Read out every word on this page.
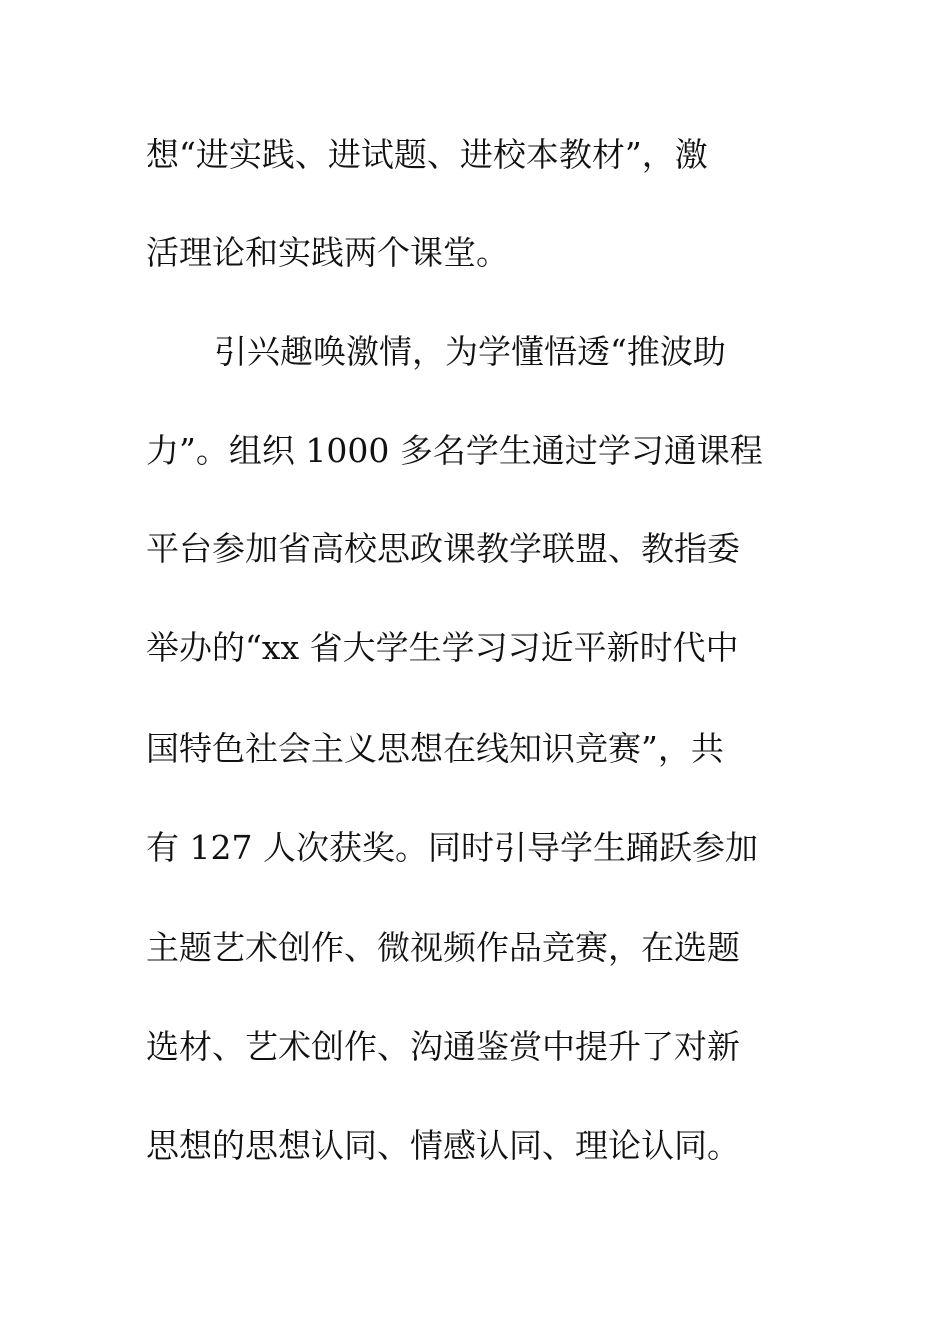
想“进实践、进试题、进校本教材”，激
活理论和实践两个课堂。
引兴趣唤激情，为学懂悟透“推波助
力”。组织 1000 多名学生通过学习通课程
平台参加省高校思政课教学联盟、教指委
举办的“xx 省大学生学习习近平新时代中
国特色社会主义思想在线知识竞赛”，共
有 127 人次获奖。同时引导学生踊跃参加
主题艺术创作、微视频作品竞赛，在选题
选材、艺术创作、沟通鉴赏中提升了对新
思想的思想认同、情感认同、理论认同。
